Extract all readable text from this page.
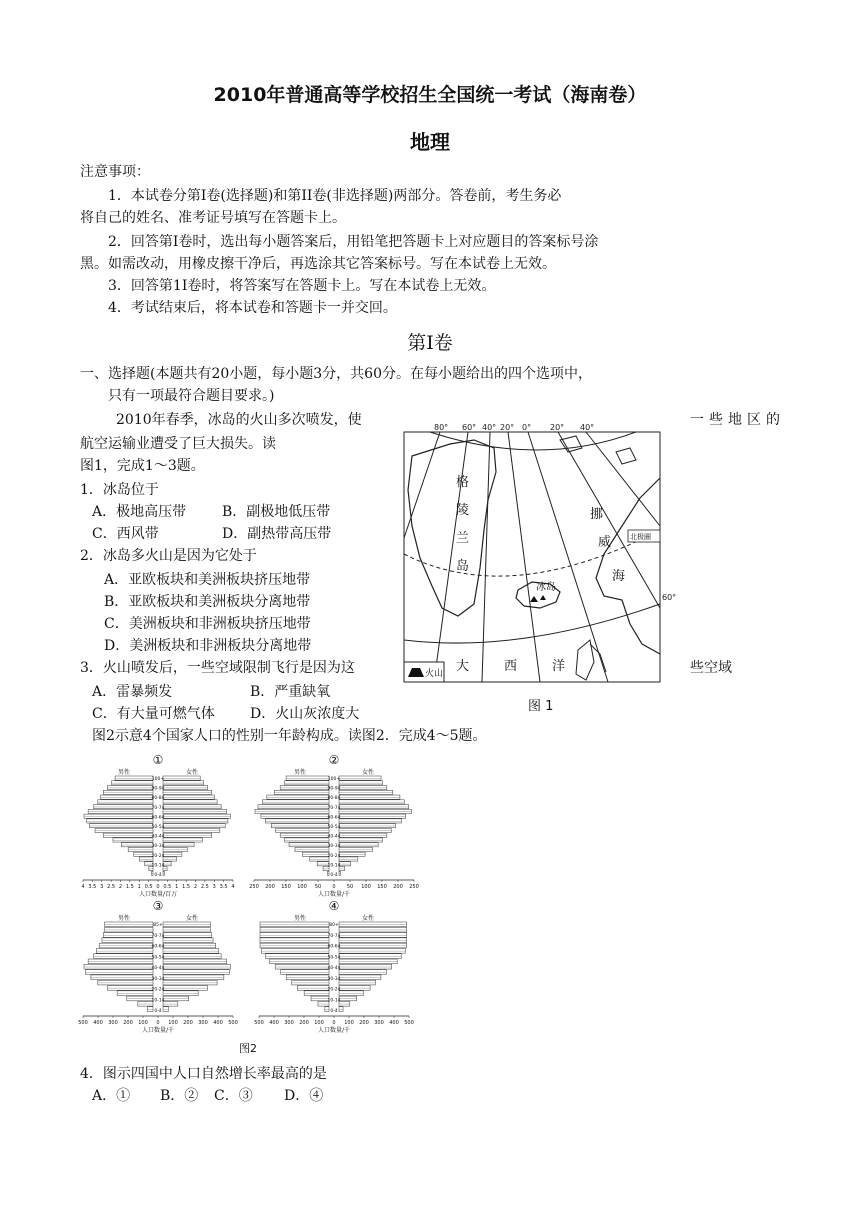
2010年普通高等学校招生全国统一考试（海南卷）
地理
注意事项：
1．本试卷分第Ⅰ卷(选择题)和第II卷(非选择题)两部分。答卷前，考生务必
将自己的姓名、准考证号填写在答题卡上。
2．回答第Ⅰ卷时，选出每小题答案后，用铅笔把答题卡上对应题目的答案标号涂
黑。如需改动，用橡皮擦干净后，再选涂其它答案标号。写在本试卷上无效。
3．回答第1I卷时，将答案写在答题卡上。写在本试卷上无效。
4．考试结束后，将本试卷和答题卡一并交回。
第Ⅰ卷
一、选择题(本题共有20小题，每小题3分，共60分。在每小题给出的四个选项中，
只有一项最符合题目要求。)
2010年春季，冰岛的火山多次喷发，使	一些地区的
航空运输业遭受了巨大损失。读
图1，完成1～3题。
1．冰岛位于
A．极地高压带	B．副极地低压带
C．西风带	D．副热带高压带
2．冰岛多火山是因为它处于
A．亚欧板块和美洲板块挤压地带
B．亚欧板块和美洲板块分离地带
C．美洲板块和非洲板块挤压地带
D．美洲板块和非洲板块分离地带
3．火山喷发后，一些空域限制飞行是因为这	些空域
A．雷暴频发	B．严重缺氧
C．有大量可燃气体	D．火山灰浓度大
80° 60° 40° 20° 0° 20° 40°
60°
格
陵
兰
岛
挪
威
海
大	西	洋
冰岛
北极圈
火山
图 1
图2示意4个国家人口的性别一年龄构成。读图2．完成4～5题。
图2
①
男性	女性
100+
90-94
80-84
70-74
60-64
50-54
40-44
30-34
20-24
10-14
0-4
4 3.5 3 2.5 2 1.5 1 0.5 0 0.5 1 1.5 2 2.5 3 3.5 4
人口数量/百万
②
男性	女性
100+
90-94
80-84
70-74
60-64
50-54
40-44
30-34
20-24
10-14
0-4
250 200 150 100 50 0 50 100 150 200 250
人口数量/千
③
男性	女性
85+
70-74
60-64
50-54
40-44
30-34
20-24
10-14
0-4
500 400 300 200 100 0 100 200 300 400 500
人口数量/千
④
男性	女性
80+
70-74
60-64
50-54
40-44
30-34
20-24
10-14
0-4
500 400 300 200 100 0 100 200 300 400 500
人口数量/千
4．图示四国中人口自然增长率最高的是
A．① B．② C．③ D．④
